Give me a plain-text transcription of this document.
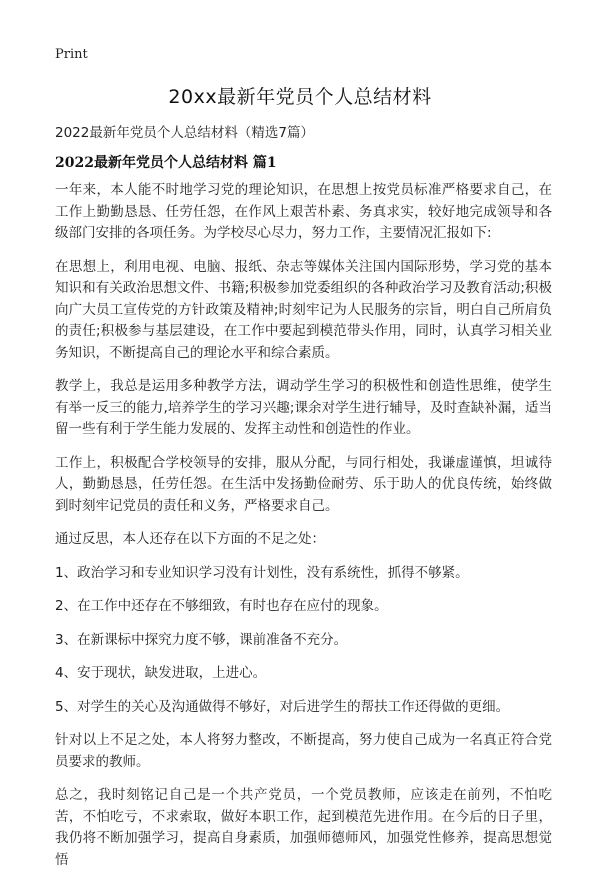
Print
20xx最新年党员个人总结材料
2022最新年党员个人总结材料（精选7篇）
2022最新年党员个人总结材料 篇1

一年来，本人能不时地学习党的理论知识，在思想上按党员标准严格要求自己，在工作上勤勤恳恳、任劳任怨，在作风上艰苦朴素、务真求实，较好地完成领导和各级部门安排的各项任务。为学校尽心尽力，努力工作，主要情况汇报如下:

在思想上，利用电视、电脑、报纸、杂志等媒体关注国内国际形势，学习党的基本知识和有关政治思想文件、书籍;积极参加党委组织的各种政治学习及教育活动;积极向广大员工宣传党的方针政策及精神;时刻牢记为人民服务的宗旨，明白自己所肩负的责任;积极参与基层建设，在工作中要起到模范带头作用，同时，认真学习相关业务知识，不断提高自己的理论水平和综合素质。

教学上，我总是运用多种教学方法，调动学生学习的积极性和创造性思维，使学生有举一反三的能力,培养学生的学习兴趣;课余对学生进行辅导，及时查缺补漏，适当留一些有利于学生能力发展的、发挥主动性和创造性的作业。

工作上，积极配合学校领导的安排，服从分配，与同行相处，我谦虚谨慎，坦诚待人，勤勤恳恳，任劳任怨。在生活中发扬勤俭耐劳、乐于助人的优良传统，始终做到时刻牢记党员的责任和义务，严格要求自己。

通过反思，本人还存在以下方面的不足之处：

1、政治学习和专业知识学习没有计划性，没有系统性，抓得不够紧。

2、在工作中还存在不够细致，有时也存在应付的现象。

3、在新课标中探究力度不够，课前准备不充分。

4、安于现状，缺发进取，上进心。

5、对学生的关心及沟通做得不够好，对后进学生的帮扶工作还得做的更细。

针对以上不足之处，本人将努力整改，不断提高，努力使自己成为一名真正符合党员要求的教师。

总之，我时刻铭记自己是一个共产党员，一个党员教师，应该走在前列，不怕吃苦，不怕吃亏，不求索取，做好本职工作，起到模范先进作用。在今后的日子里，我仍将不断加强学习，提高自身素质，加强师德师风，加强党性修养，提高思想觉悟
